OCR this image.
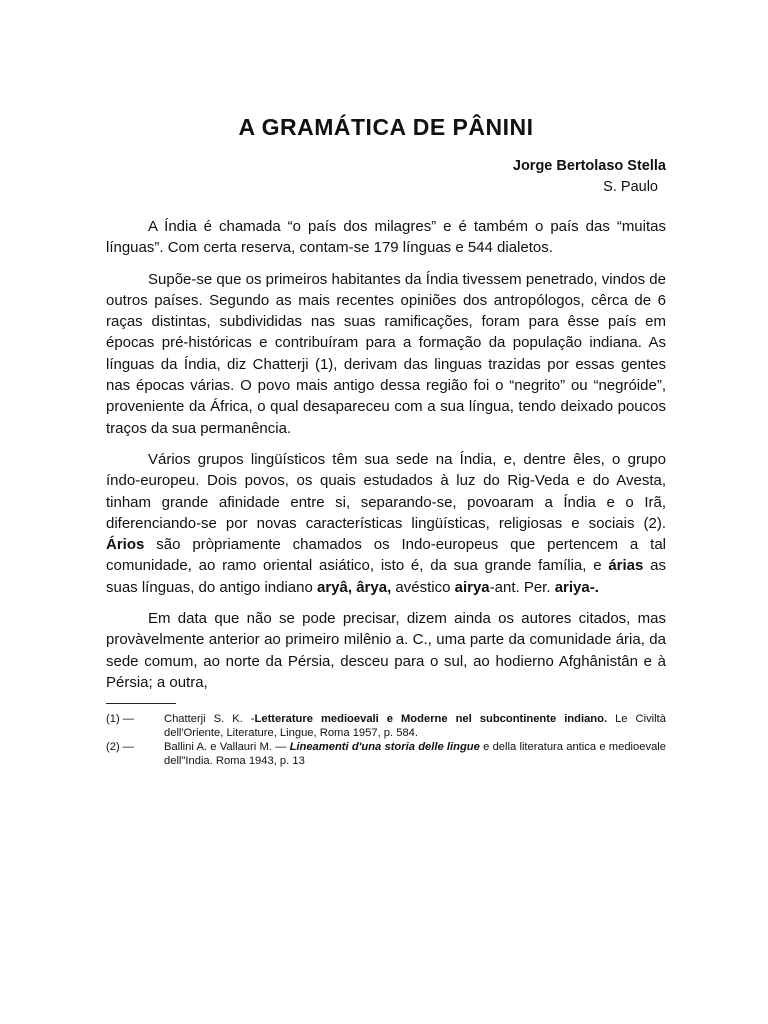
A GRAMÁTICA DE PÂNINI
Jorge Bertolaso Stella
S. Paulo

A Índia é chamada “o país dos milagres” e é também o país das “muitas línguas”. Com certa reserva, contam-se 179 línguas e 544 dialetos.

Supõe-se que os primeiros habitantes da Índia tivessem penetrado, vindos de outros países. Segundo as mais recentes opiniões dos antropólogos, cêrca de 6 raças distintas, subdivididas nas suas ramificações, foram para êsse país em épocas pré-históricas e contribuíram para a formação da população indiana. As línguas da Índia, diz Chatterji (1), derivam das linguas trazidas por essas gentes nas épocas várias. O povo mais antigo dessa região foi o “negrito” ou “negróide”, proveniente da África, o qual desapareceu com a sua língua, tendo deixado poucos traços da sua permanência.

Vários grupos lingüísticos têm sua sede na Índia, e, dentre êles, o grupo índo-europeu. Dois povos, os quais estudados à luz do Rig-Veda e do Avesta, tinham grande afinidade entre si, separando-se, povoaram a Índia e o Irã, diferenciando-se por novas características lingüísticas, religiosas e sociais (2). Ários são pròpriamente chamados os Indo-europeus que pertencem a tal comunidade, ao ramo oriental asiático, isto é, da sua grande família, e árias as suas línguas, do antigo indiano aryâ, ârya, avéstico airya-ant. Per. ariya-.

Em data que não se pode precisar, dizem ainda os autores citados, mas provàvelmente anterior ao primeiro milênio a. C., uma parte da comunidade ária, da sede comum, ao norte da Pérsia, desceu para o sul, ao hodierno Afghânistân e à Pérsia; a outra,

(1) —	Chatterji S. K. -Letterature medioevali e Moderne nel subcontinente indiano. Le Civiltà dell'Oriente, Literature, Lingue, Roma 1957, p. 584.
(2) —	Ballini A. e Vallauri M. — Lineamenti d'una storia delle lingue e della literatura antica e medioevale dell"India. Roma 1943, p. 13
